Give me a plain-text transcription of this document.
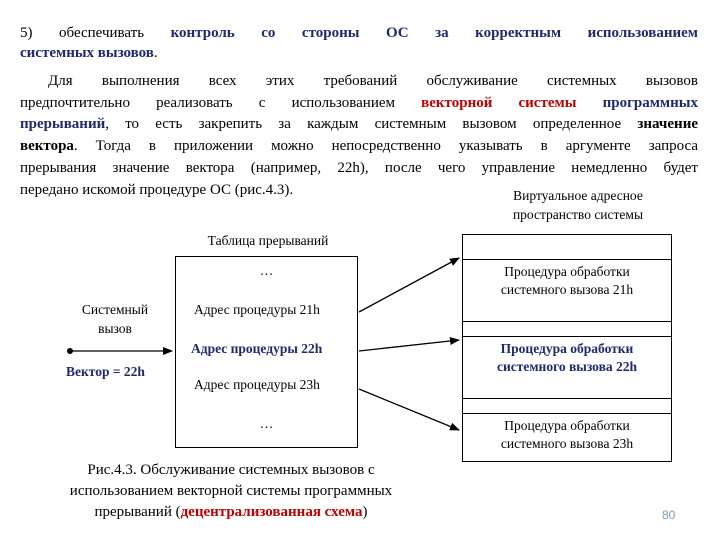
5) обеспечивать контроль со стороны ОС за корректным использованием
системных вызовов.
Для выполнения всех этих требований обслуживание системных вызовов
предпочтительно реализовать с использованием векторной системы программных
прерываний, то есть закрепить за каждым системным вызовом определенное значение
вектора. Тогда в приложении можно непосредственно указывать в аргументе запроса
прерывания значение вектора (например, 22h), после чего управление немедленно будет
передано искомой процедуре ОС (рис.4.3).	Виртуальное адресное
пространство системы
Таблица прерываний
…
Адрес процедуры 21h
Адрес процедуры 22h
Адрес процедуры 23h
…
Системный
вызов
Вектор = 22h
Процедура обработки
системного вызова 21h
Процедура обработки
системного вызова 22h
Процедура обработки
системного вызова 23h
Рис.4.3. Обслуживание системных вызовов с
использованием векторной системы программных
прерываний (децентрализованная схема)	80
